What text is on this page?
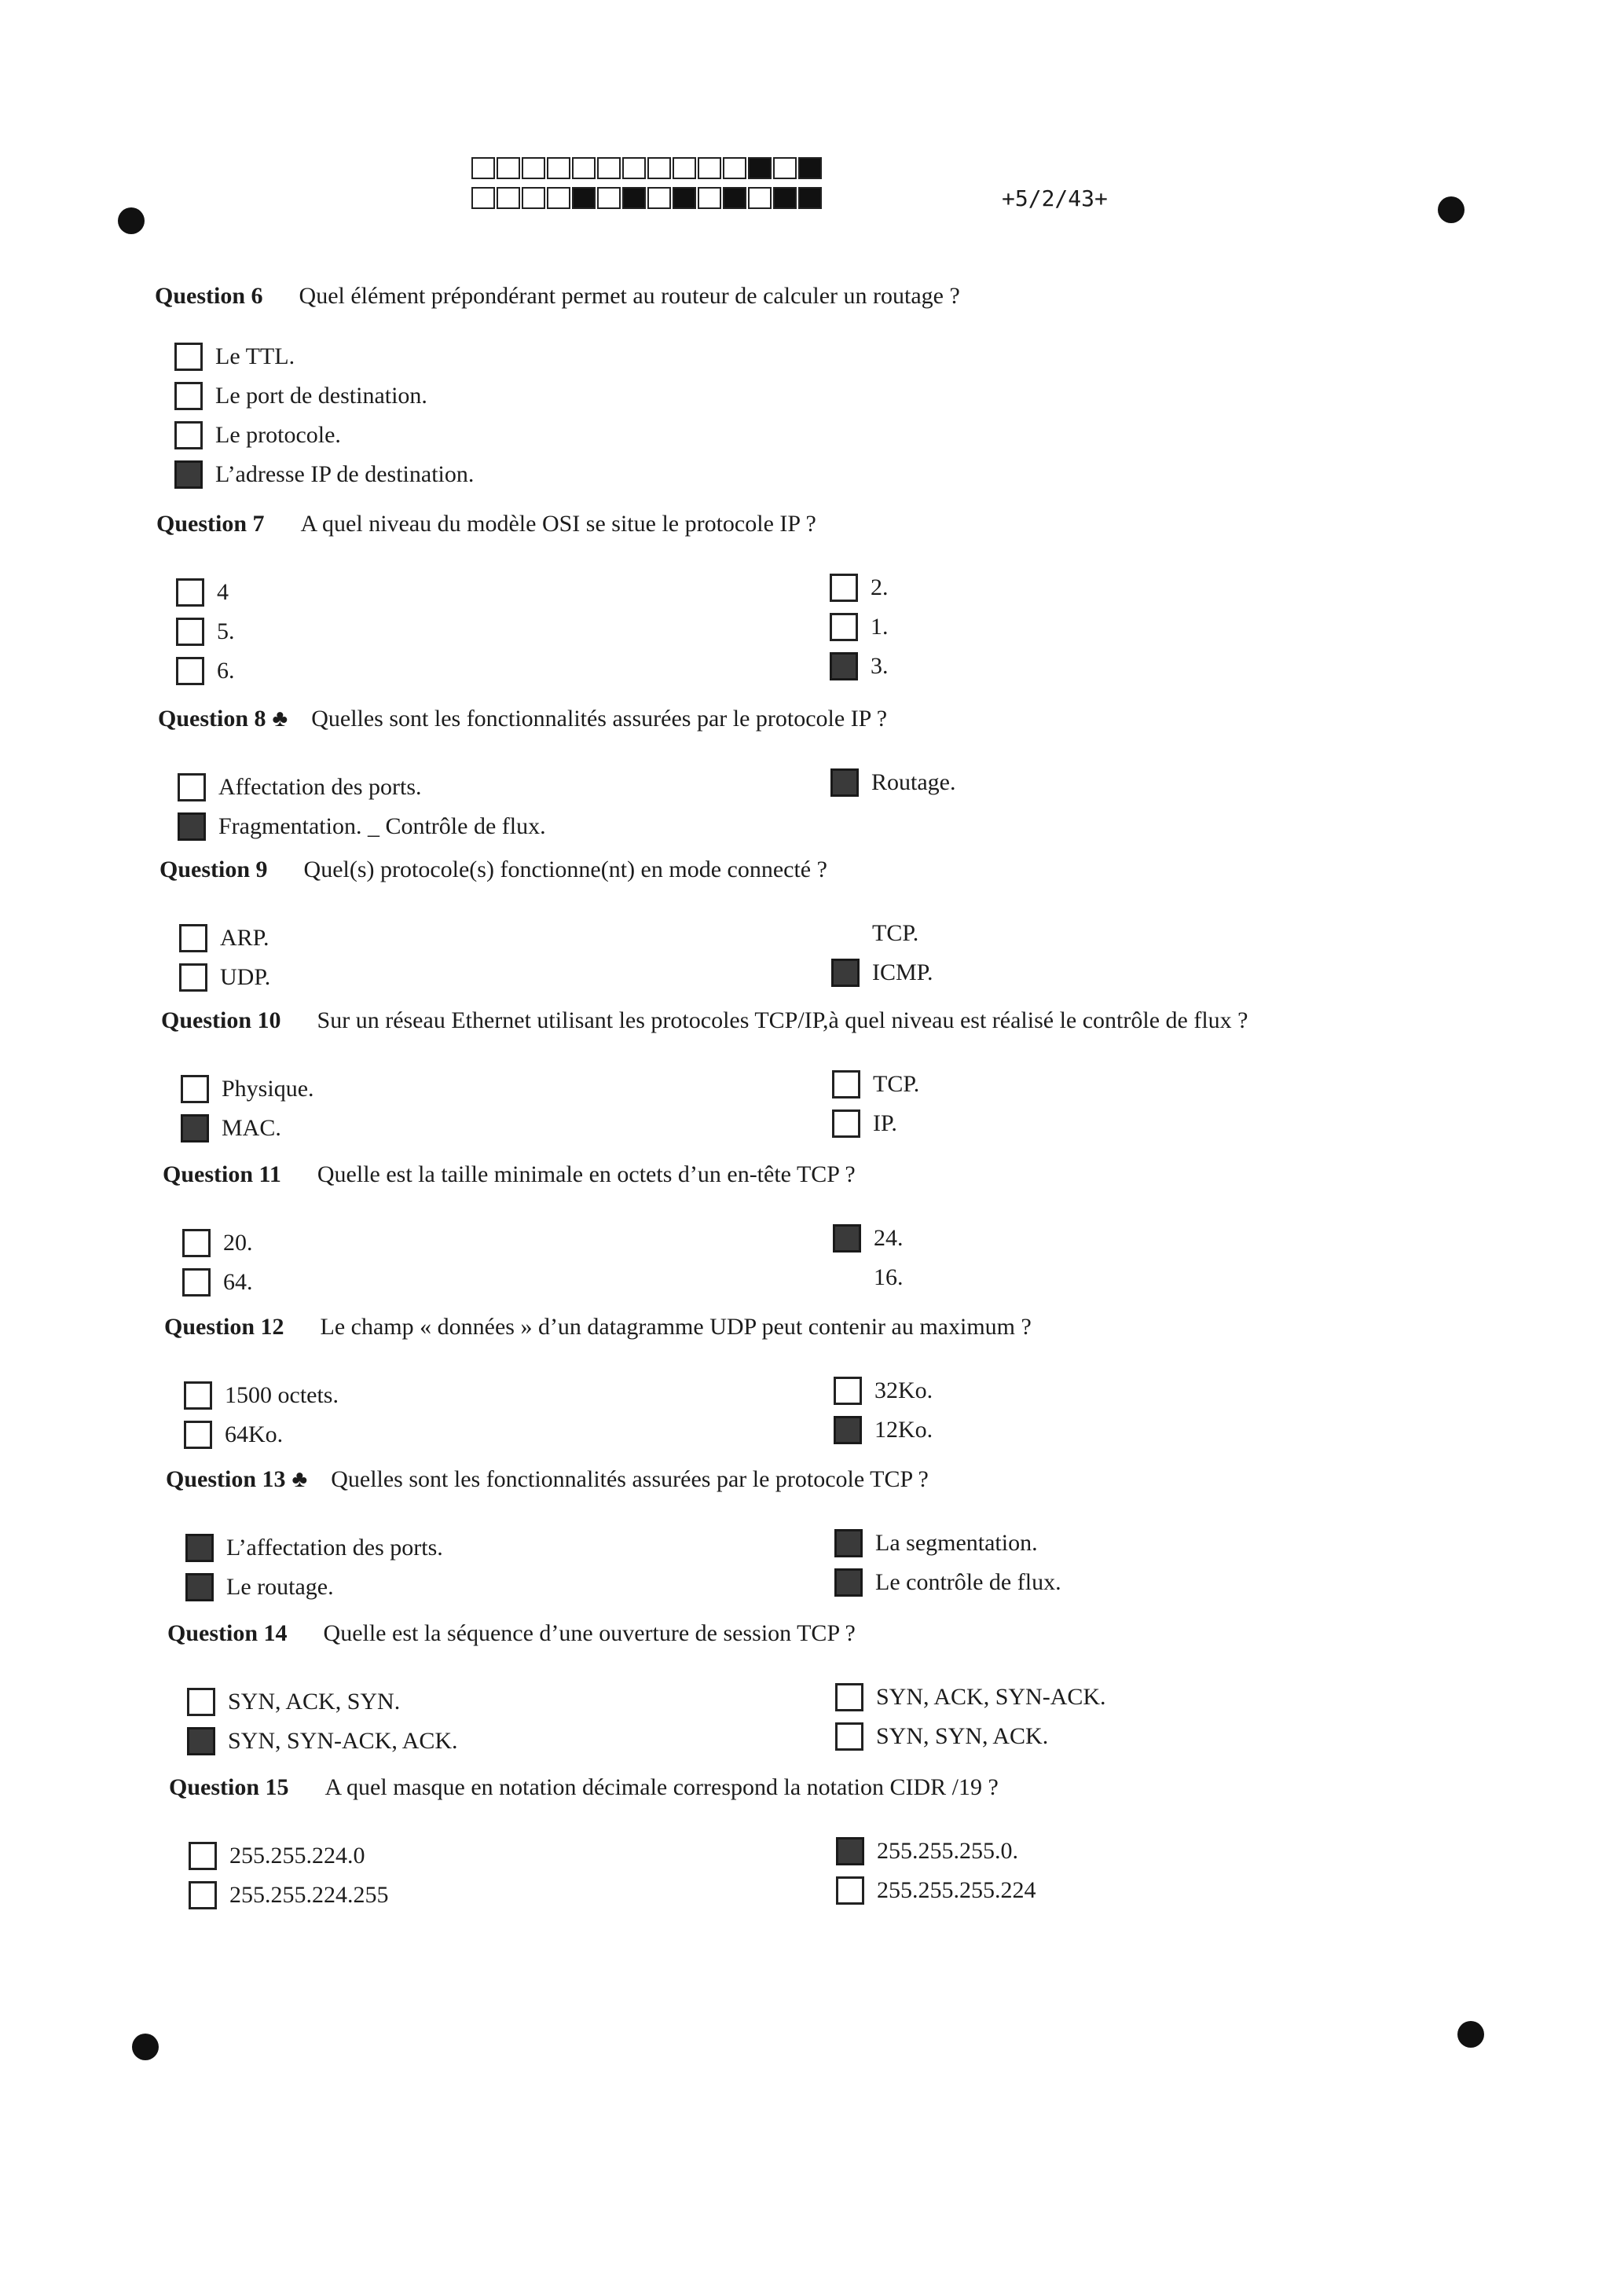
+5/2/43+
Question 6 Quel élément prépondérant permet au routeur de calculer un routage ?
Le TTL.
Le port de destination.
Le protocole.
L’adresse IP de destination.
Question 7 A quel niveau du modèle OSI se situe le protocole IP ?
4
5.
6.
2.
1.
3.
Question 8 ♣ Quelles sont les fonctionnalités assurées par le protocole IP ?
Affectation des ports.
Fragmentation. _ Contrôle de flux.
Routage.
Question 9 Quel(s) protocole(s) fonctionne(nt) en mode connecté ?
ARP.
UDP.
TCP.
ICMP.
Question 10 Sur un réseau Ethernet utilisant les protocoles TCP/IP,à quel niveau est réalisé le contrôle de flux ?
Physique.
MAC.
TCP.
IP.
Question 11 Quelle est la taille minimale en octets d’un en-tête TCP ?
20.
64.
24.
16.
Question 12 Le champ « données » d’un datagramme UDP peut contenir au maximum ?
1500 octets.
64Ko.
32Ko.
12Ko.
Question 13 ♣ Quelles sont les fonctionnalités assurées par le protocole TCP ?
L’affectation des ports.
Le routage.
La segmentation.
Le contrôle de flux.
Question 14 Quelle est la séquence d’une ouverture de session TCP ?
SYN, ACK, SYN.
SYN, SYN-ACK, ACK.
SYN, ACK, SYN-ACK.
SYN, SYN, ACK.
Question 15 A quel masque en notation décimale correspond la notation CIDR /19 ?
255.255.224.0
255.255.224.255
255.255.255.0.
255.255.255.224
